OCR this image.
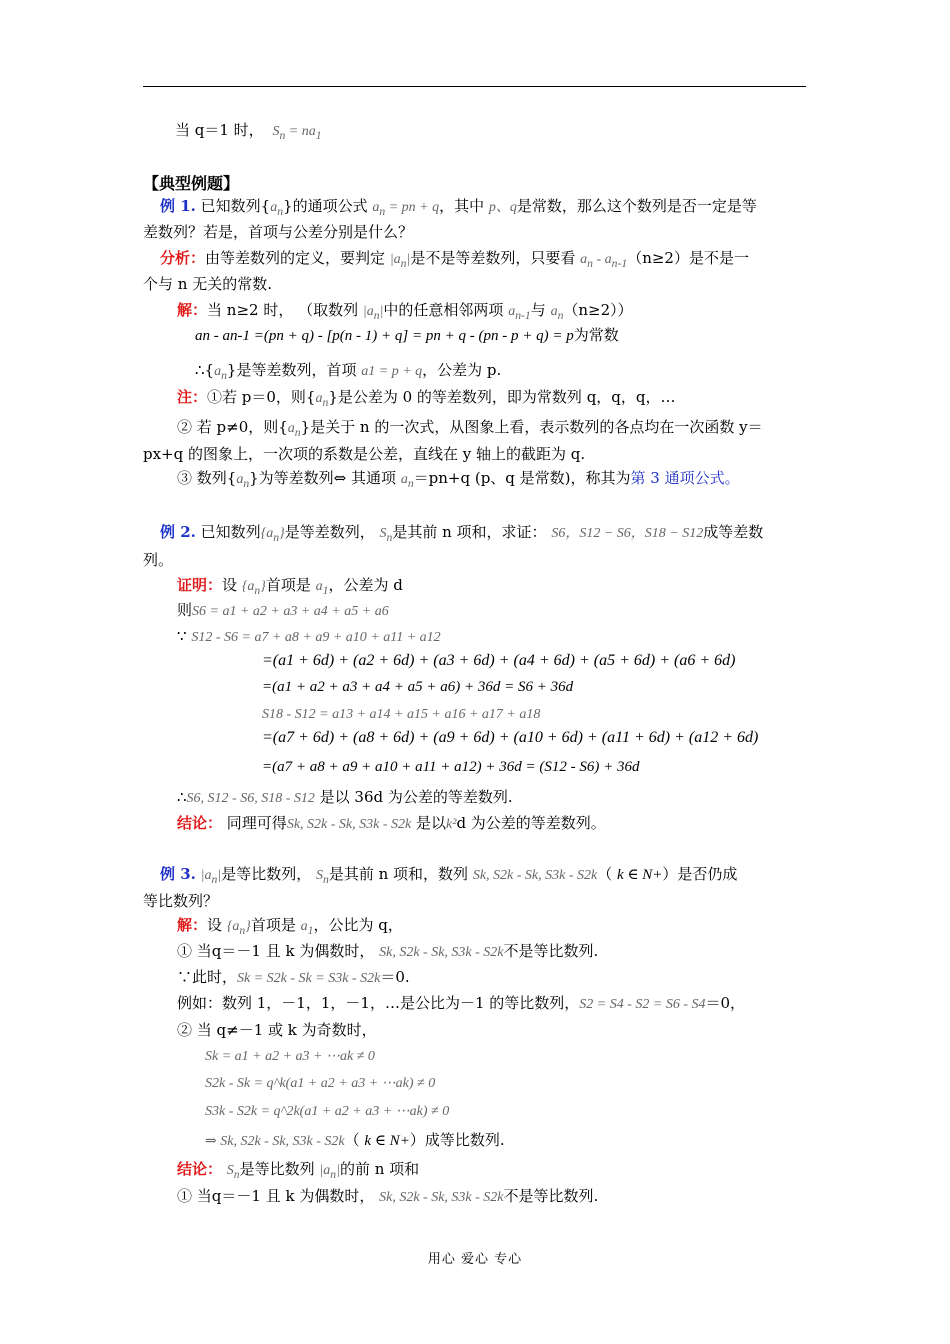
当 q＝1 时， $S_n = na_1$
【典型例题】
例 1. 已知数列$\{a_n\}$的通项公式 $a_n$ = pn + q，其中 p、q是常数，那么这个数列是否一定是等
差数列？若是，首项与公差分别是什么？
分析：由等差数列的定义，要判定 $|a_n|$是不是等差数列，只要看 $a_n - a_{n-1}(n\ge 2)$是不是一
个与 n 无关的常数.
解：当 n≥2 时， （取数列 $|a_n|$中的任意相邻两项 $a_{n-1}$与 $a_n(n\ge 2)$）
an - an-1 =(pn + q) - [p(n - 1) + q] = pn + q - (pn - p + q) = p为常数
$\therefore\{a_n\}$是等差数列，首项 a1 = p + q，公差为 p.
注：①若 p＝0，则$\{a_n\}$是公差为 0 的等差数列，即为常数列 q，q，q，…
② 若 p≠0，则$\{a_n\}$是关于 n 的一次式，从图象上看，表示数列的各点均在一次函数 y＝
px+q 的图象上，一次项的系数是公差，直线在 y 轴上的截距为 q.
③ 数列$\{a_n\}$为等差数列⇔ 其通项 $a_n=pn+q$ (p、q 是常数)，称其为第 3 通项公式。
例 2. 已知数列$\{a_n\}$是等差数列， $S_n$是其前 n 项和，求证： S6，S12 − S6，S18 − S12成等差数
列。
证明：设 $\{a_n\}$首项是 $a_1$，公差为 d
则S6 = a1 + a2 + a3 + a4 + a5 + a6
∵ S12 - S6 = a7 + a8 + a9 + a10 + a11 + a12
=(a1 + 6d) + (a2 + 6d) + (a3 + 6d) + (a4 + 6d) + (a5 + 6d) + (a6 + 6d)
=(a1 + a2 + a3 + a4 + a5 + a6) + 36d = S6 + 36d
S18 - S12 = a13 + a14 + a15 + a16 + a17 + a18
=(a7 + 6d) + (a8 + 6d) + (a9 + 6d) + (a10 + 6d) + (a11 + 6d) + (a12 + 6d)
=(a7 + a8 + a9 + a10 + a11 + a12) + 36d = (S12 - S6) + 36d
∴S6, S12 - S6, S18 - S12 是以 36d 为公差的等差数列.
结论： 同理可得Sk, S2k - Sk, S3k - S2k 是以k²d 为公差的等差数列。
例 3. $|a_n|$是等比数列， $S_n$是其前 n 项和，数列 Sk, S2k - Sk, S3k - S2k（ k ∈ N+）是否仍成
等比数列？
解：设 $\{a_n\}$首项是 $a_1$，公比为 q，
① 当q＝－1 且 k 为偶数时， Sk, S2k - Sk, S3k - S2k不是等比数列.
∵此时，Sk = S2k - Sk = S3k - S2k＝0.
例如：数列 1，－1，1，－1，…是公比为－1 的等比数列，S2 = S4 - S2 = S6 - S4＝0，
② 当 q≠－1 或 k 为奇数时，
Sk = a1 + a2 + a3 + ⋯ak ≠ 0
S2k - Sk = q^k(a1 + a2 + a3 + ⋯ak) ≠ 0
S3k - S2k = q^2k(a1 + a2 + a3 + ⋯ak) ≠ 0
⇒ Sk, S2k - Sk, S3k - S2k（ k ∈ N+）成等比数列.
结论： $S_n$是等比数列 $|a_n|$的前 n 项和
① 当q＝－1 且 k 为偶数时， Sk, S2k - Sk, S3k - S2k不是等比数列.
用心 爱心 专心
